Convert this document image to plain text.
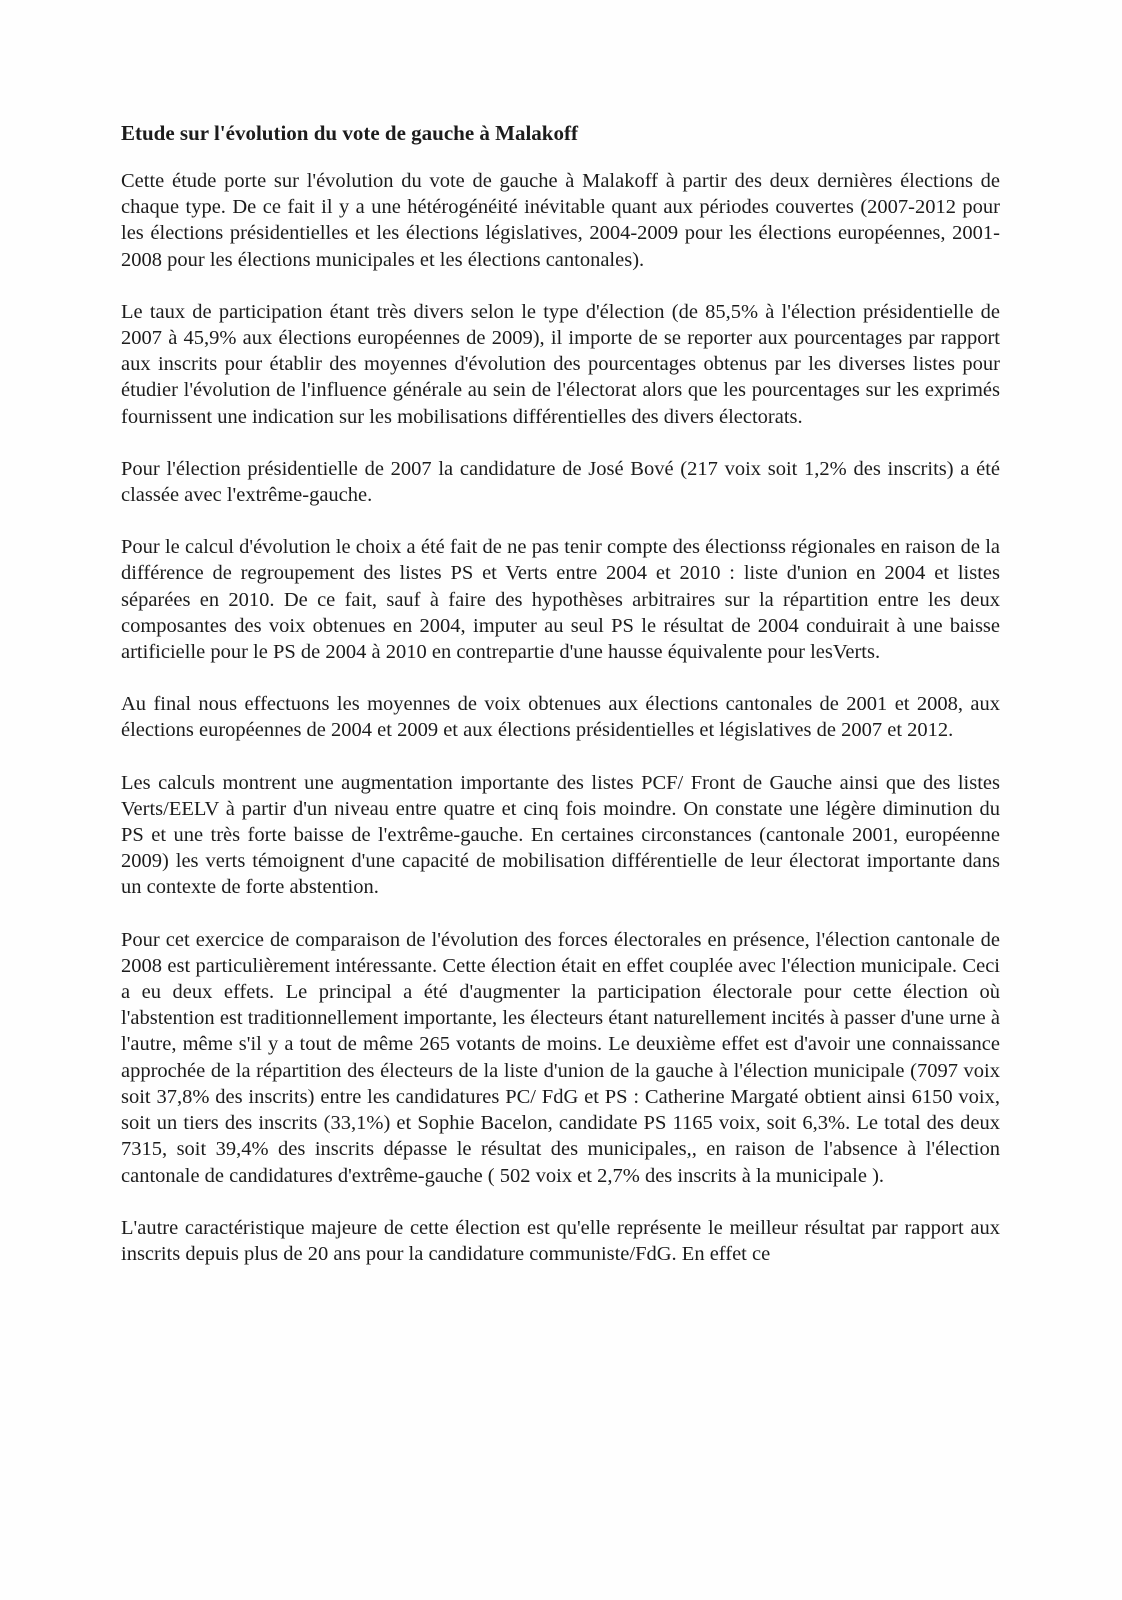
Etude sur l'évolution du vote de gauche à Malakoff

Cette étude porte sur l'évolution du vote de gauche à Malakoff à partir des deux dernières élections de chaque type. De ce fait il y a une hétérogénéité inévitable quant aux périodes couvertes (2007-2012 pour les élections présidentielles et les élections législatives, 2004-2009 pour les élections européennes, 2001-2008 pour les élections municipales et les élections cantonales).

Le taux de participation étant très divers selon le type d'élection (de 85,5% à l'élection présidentielle de 2007 à 45,9% aux élections européennes de 2009), il importe de se reporter aux pourcentages par rapport aux inscrits pour établir des moyennes d'évolution des pourcentages obtenus par les diverses listes pour étudier l'évolution de l'influence générale au sein de l'électorat alors que les pourcentages sur les exprimés fournissent une indication sur les mobilisations différentielles des divers électorats.

Pour l'élection présidentielle de 2007 la candidature de José Bové (217 voix soit 1,2% des inscrits) a été classée avec l'extrême-gauche.

Pour le calcul d'évolution le choix a été fait de ne pas tenir compte des électionss régionales en raison de la différence de regroupement des listes PS et Verts entre 2004 et 2010 : liste d'union en 2004 et listes séparées en 2010. De ce fait, sauf à faire des hypothèses arbitraires sur la répartition entre les deux composantes des voix obtenues en 2004, imputer au seul PS le résultat de 2004 conduirait à une baisse artificielle pour le PS de 2004 à 2010 en contrepartie d'une hausse équivalente pour lesVerts.

Au final nous effectuons les moyennes de voix obtenues aux élections cantonales de 2001 et 2008, aux élections européennes de 2004 et 2009 et aux élections présidentielles et législatives de 2007 et 2012.

Les calculs montrent une augmentation importante des listes PCF/ Front de Gauche ainsi que des listes Verts/EELV à partir d'un niveau entre quatre et cinq fois moindre. On constate une légère diminution du PS et une très forte baisse de l'extrême-gauche. En certaines circonstances (cantonale 2001, européenne 2009) les verts témoignent d'une capacité de mobilisation différentielle de leur électorat importante dans un contexte de forte abstention.

Pour cet exercice de comparaison de l'évolution des forces électorales en présence, l'élection cantonale de 2008 est particulièrement intéressante. Cette élection était en effet couplée avec l'élection municipale. Ceci a eu deux effets. Le principal a été d'augmenter la participation électorale pour cette élection où l'abstention est traditionnellement importante, les électeurs étant naturellement incités à passer d'une urne à l'autre, même s'il y a tout de même 265 votants de moins. Le deuxième effet est d'avoir une connaissance approchée de la répartition des électeurs de la liste d'union de la gauche à l'élection municipale (7097 voix soit 37,8% des inscrits) entre les candidatures PC/ FdG et PS : Catherine Margaté obtient ainsi 6150 voix, soit un tiers des inscrits (33,1%) et Sophie Bacelon, candidate PS 1165 voix, soit 6,3%. Le total des deux 7315, soit 39,4% des inscrits dépasse le résultat des municipales,, en raison de l'absence à l'élection cantonale de candidatures d'extrême-gauche ( 502 voix et 2,7% des inscrits à la municipale ).

L'autre caractéristique majeure de cette élection est qu'elle représente le meilleur résultat par rapport aux inscrits depuis plus de 20 ans pour la candidature communiste/FdG. En effet ce
